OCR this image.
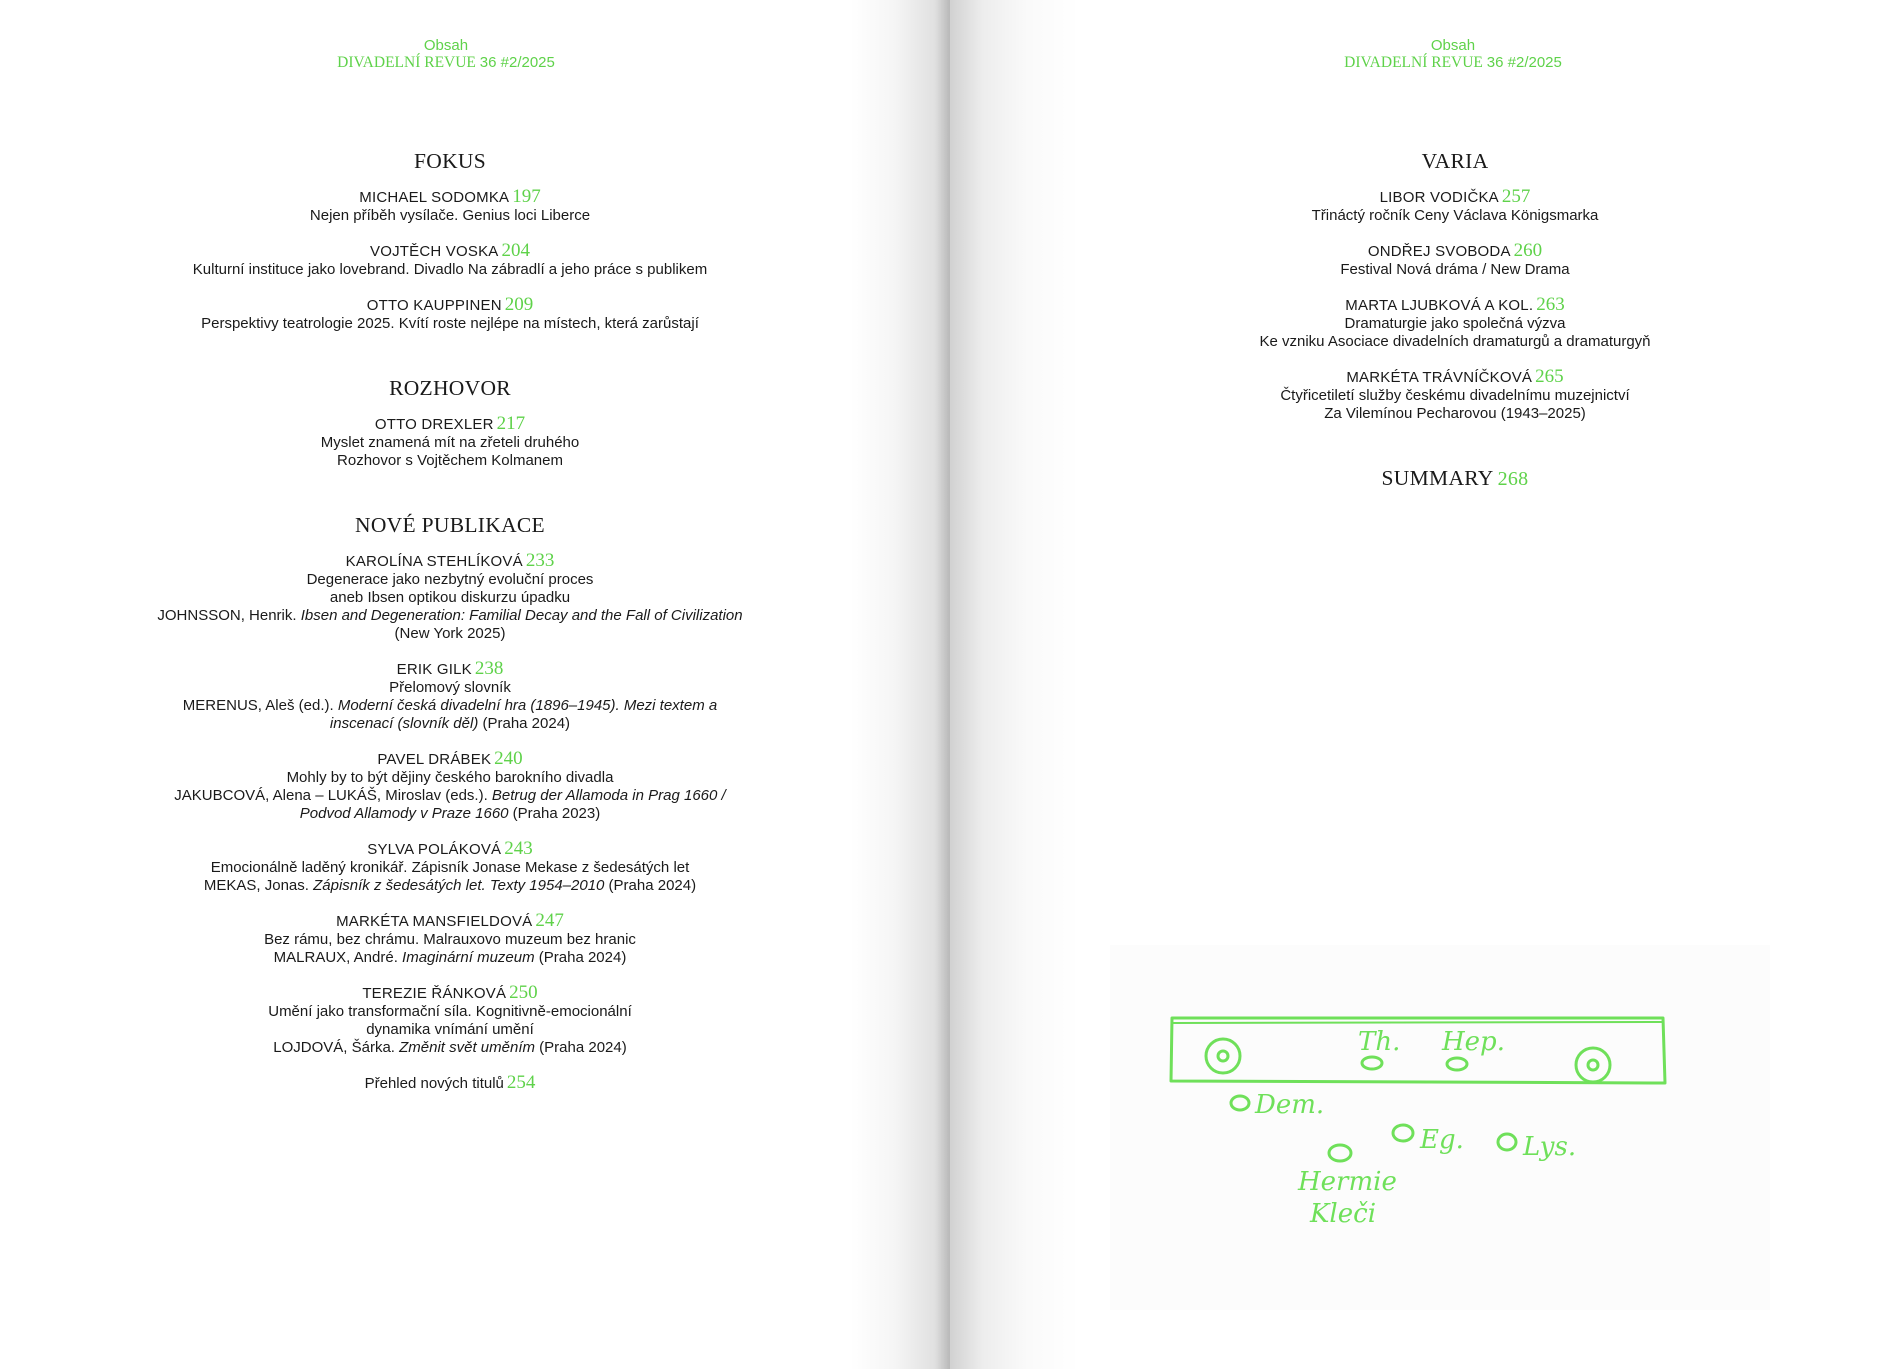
Obsah
DIVADELNÍ REVUE 36 #2/2025
Obsah
DIVADELNÍ REVUE 36 #2/2025
FOKUS
MICHAEL SODOMKA 197
Nejen příběh vysílače. Genius loci Liberce
VOJTĚCH VOSKA 204
Kulturní instituce jako lovebrand. Divadlo Na zábradlí a jeho práce s publikem
OTTO KAUPPINEN 209
Perspektivy teatrologie 2025. Kvítí roste nejlépe na místech, která zarůstají
ROZHOVOR
OTTO DREXLER 217
Myslet znamená mít na zřeteli druhého
Rozhovor s Vojtěchem Kolmanem
NOVÉ PUBLIKACE
KAROLÍNA STEHLÍKOVÁ 233
Degenerace jako nezbytný evoluční proces
aneb Ibsen optikou diskurzu úpadku
JOHNSSON, Henrik. Ibsen and Degeneration: Familial Decay and the Fall of Civilization (New York 2025)
ERIK GILK 238
Přelomový slovník
MERENUS, Aleš (ed.). Moderní česká divadelní hra (1896–1945). Mezi textem a inscenací (slovník děl) (Praha 2024)
PAVEL DRÁBEK 240
Mohly by to být dějiny českého barokního divadla
JAKUBCOVÁ, Alena – LUKÁŠ, Miroslav (eds.). Betrug der Allamoda in Prag 1660 / Podvod Allamody v Praze 1660 (Praha 2023)
SYLVA POLÁKOVÁ 243
Emocionálně laděný kronikář. Zápisník Jonase Mekase z šedesátých let
MEKAS, Jonas. Zápisník z šedesátých let. Texty 1954–2010 (Praha 2024)
MARKÉTA MANSFIELDOVÁ 247
Bez rámu, bez chrámu. Malrauxovo muzeum bez hranic
MALRAUX, André. Imaginární muzeum (Praha 2024)
TEREZIE ŘÁNKOVÁ 250
Umění jako transformační síla. Kognitivně-emocionální
dynamika vnímání umění
LOJDOVÁ, Šárka. Změnit svět uměním (Praha 2024)
Přehled nových titulů 254
VARIA
LIBOR VODIČKA 257
Třináctý ročník Ceny Václava Königsmarka
ONDŘEJ SVOBODA 260
Festival Nová dráma / New Drama
MARTA LJUBKOVÁ A KOL. 263
Dramaturgie jako společná výzva
Ke vzniku Asociace divadelních dramaturgů a dramaturgyň
MARKÉTA TRÁVNÍČKOVÁ 265
Čtyřicetiletí služby českému divadelnímu muzejnictví
Za Vilemínou Pecharovou (1943–2025)
SUMMARY 268
Th. Hep.
Dem.
Eg. Lys.
Hermie
Kleči
